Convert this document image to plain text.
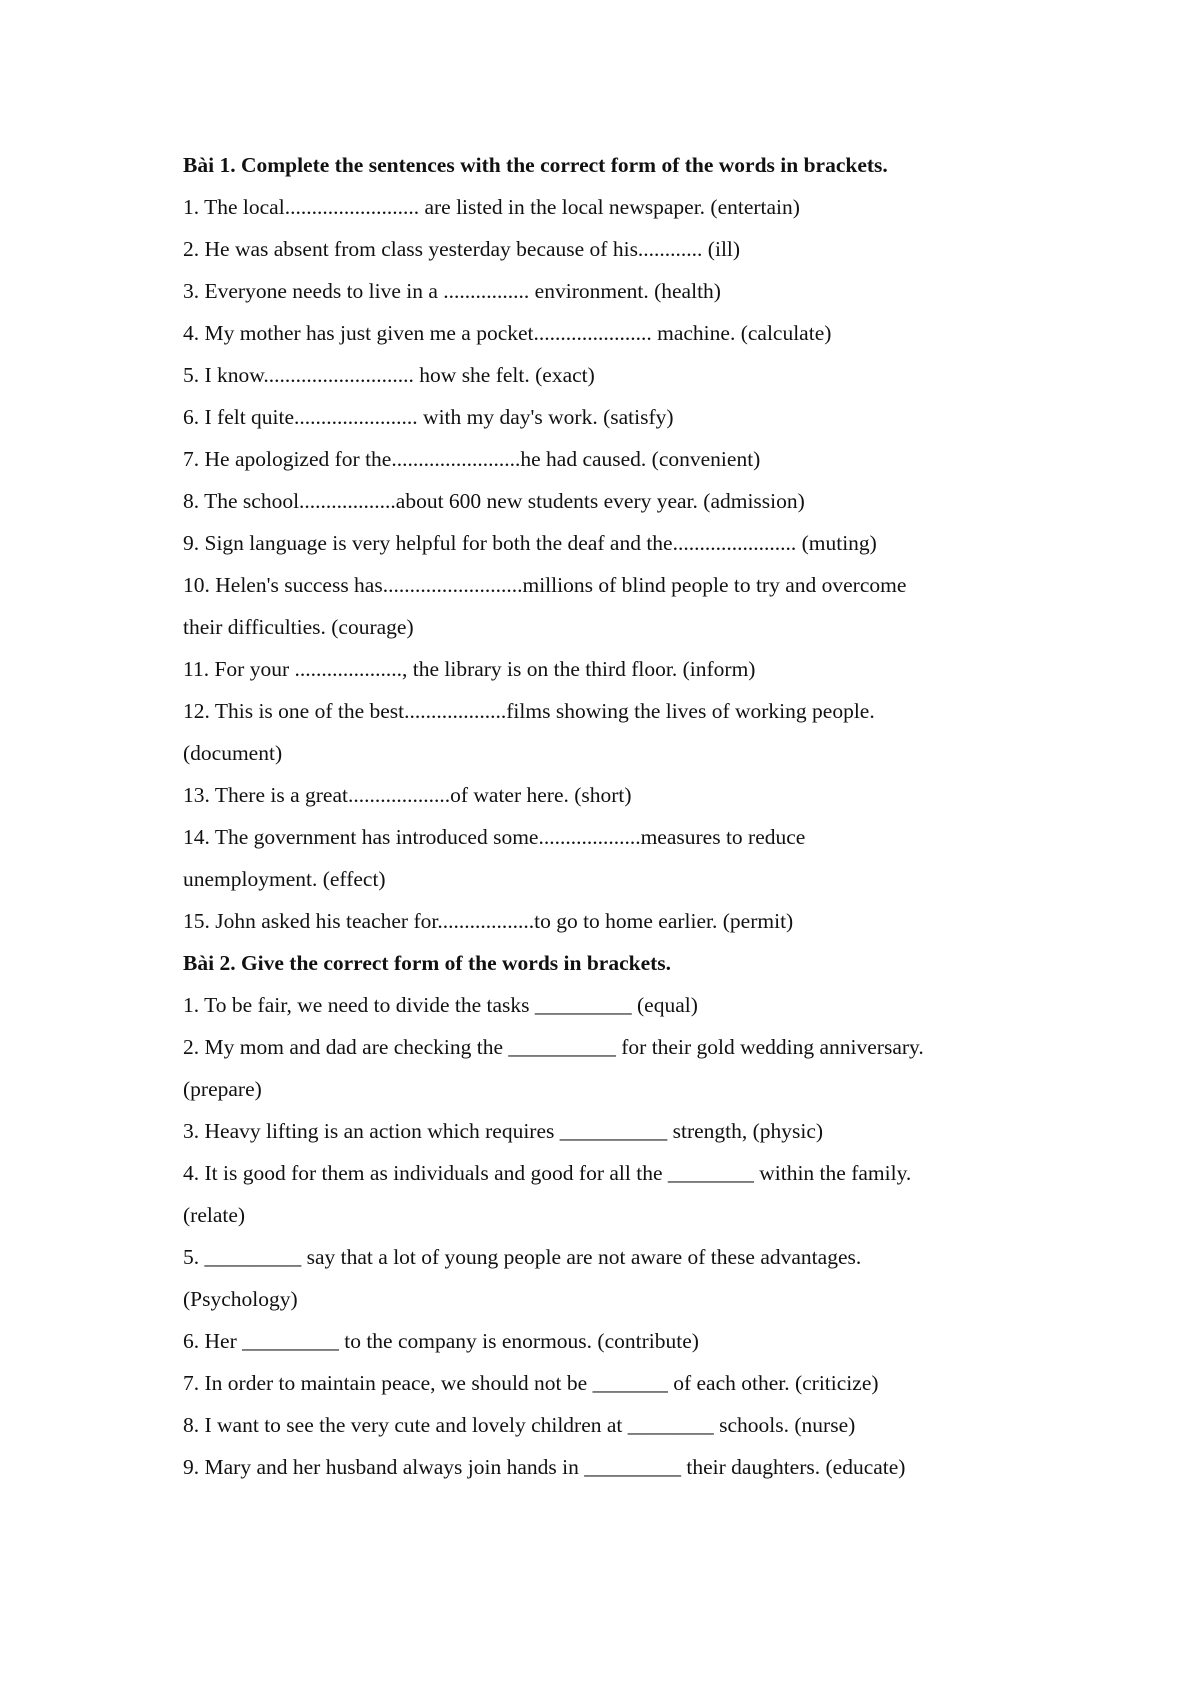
Bài 1. Complete the sentences with the correct form of the words in brackets.

1. The local......................... are listed in the local newspaper. (entertain)

2. He was absent from class yesterday because of his............ (ill)

3. Everyone needs to live in a ................ environment. (health)

4. My mother has just given me a pocket...................... machine. (calculate)

5. I know............................ how she felt. (exact)

6. I felt quite....................... with my day's work. (satisfy)

7. He apologized for the........................he had caused. (convenient)

8. The school..................about 600 new students every year. (admission)

9. Sign language is very helpful for both the deaf and the....................... (muting)

10. Helen's success has..........................millions of blind people to try and overcome

their difficulties. (courage)

11. For your ...................., the library is on the third floor. (inform)

12. This is one of the best...................films showing the lives of working people.

(document)

13. There is a great...................of water here. (short)

14. The government has introduced some...................measures to reduce

unemployment. (effect)

15. John asked his teacher for..................to go to home earlier. (permit)

Bài 2. Give the correct form of the words in brackets.

1. To be fair, we need to divide the tasks _________ (equal)

2. My mom and dad are checking the __________ for their gold wedding anniversary.

(prepare)

3. Heavy lifting is an action which requires __________ strength, (physic)

4. It is good for them as individuals and good for all the ________ within the family.

(relate)

5. _________ say that a lot of young people are not aware of these advantages.

(Psychology)

6. Her _________ to the company is enormous. (contribute)

7. In order to maintain peace, we should not be _______ of each other. (criticize)

8. I want to see the very cute and lovely children at ________ schools. (nurse)

9. Mary and her husband always join hands in _________ their daughters. (educate)
